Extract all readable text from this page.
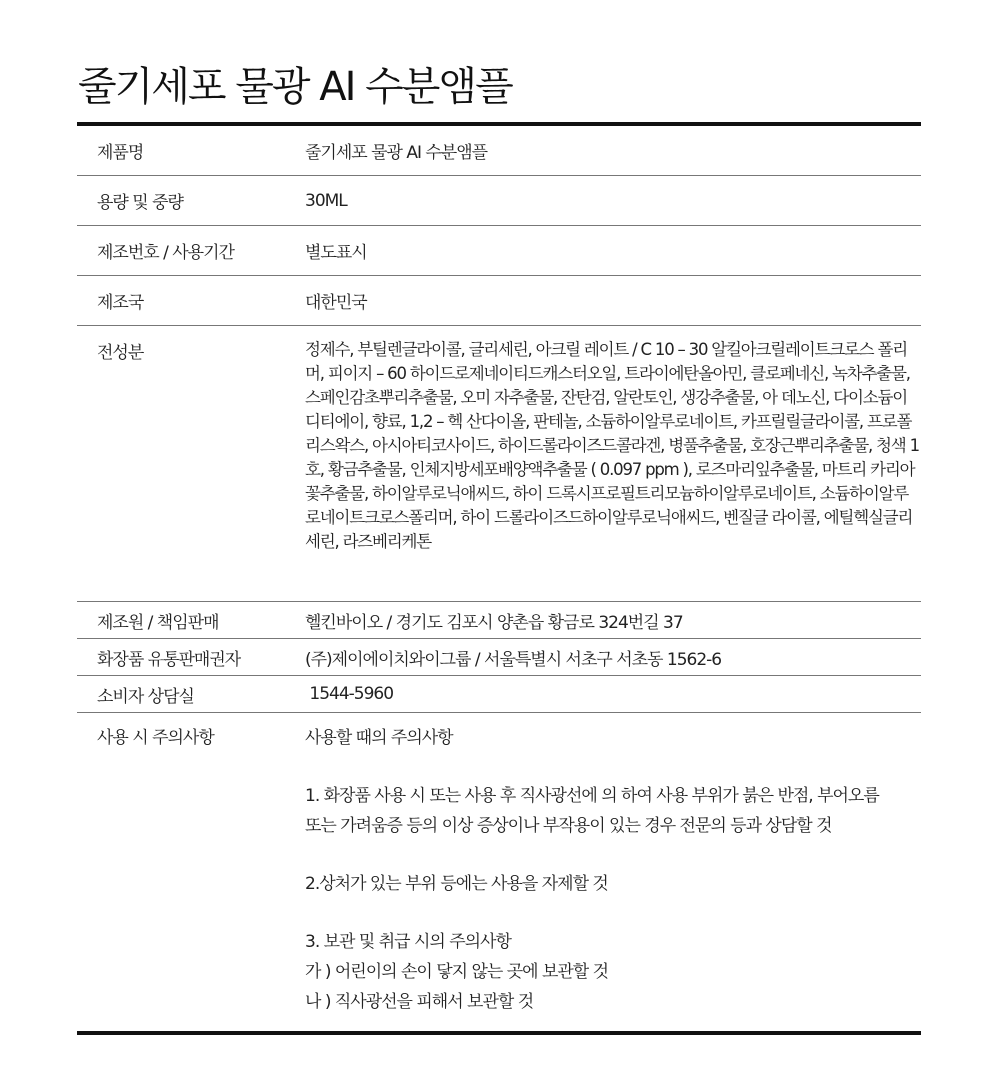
줄기세포 물광 AI 수분앰플
제품명	줄기세포 물광 AI 수분앰플
용량 및 중량	30ML
제조번호 / 사용기간	별도표시
제조국	대한민국
전성분	정제수, 부틸렌글라이콜, 글리세린, 아크릴 레이트 / C 10 – 30 알킬아크릴레이트크로스 폴리머, 피이지 – 60 하이드로제네이티드캐스터오일, 트라이에탄올아민, 클로페네신, 녹차추출물, 스페인감초뿌리추출물, 오미 자추출물, 잔탄검, 알란토인, 생강추출물, 아 데노신, 다이소듐이디티에이, 향료, 1,2 – 헥 산다이올, 판테놀, 소듐하이알루로네이트, 카프릴릴글라이콜, 프로폴리스왁스, 아시아티코사이드, 하이드롤라이즈드콜라겐, 병풀추출물, 호장근뿌리추출물, 청색 1 호, 황금추출물, 인체지방세포배양액추출물 ( 0.097 ppm ), 로즈마리잎추출물, 마트리 카리아꽃추출물, 하이알루로닉애씨드, 하이 드록시프로필트리모늄하이알루로네이트, 소듐하이알루로네이트크로스폴리머, 하이 드롤라이즈드하이알루로닉애씨드, 벤질글 라이콜, 에틸헥실글리세린, 라즈베리케톤
제조원 / 책임판매	헬킨바이오 / 경기도 김포시 양촌읍 황금로 324번길 37
화장품 유통판매권자	(주)제이에이치와이그룹 / 서울특별시 서초구 서초동 1562-6
소비자 상담실	1544-5960
사용 시 주의사항	사용할 때의 주의사항
1. 화장품 사용 시 또는 사용 후 직사광선에 의 하여 사용 부위가 붉은 반점, 부어오름
또는 가려움증 등의 이상 증상이나 부작용이 있는 경우 전문의 등과 상담할 것
2.상처가 있는 부위 등에는 사용을 자제할 것
3. 보관 및 취급 시의 주의사항
가 ) 어린이의 손이 닿지 않는 곳에 보관할 것
나 ) 직사광선을 피해서 보관할 것
